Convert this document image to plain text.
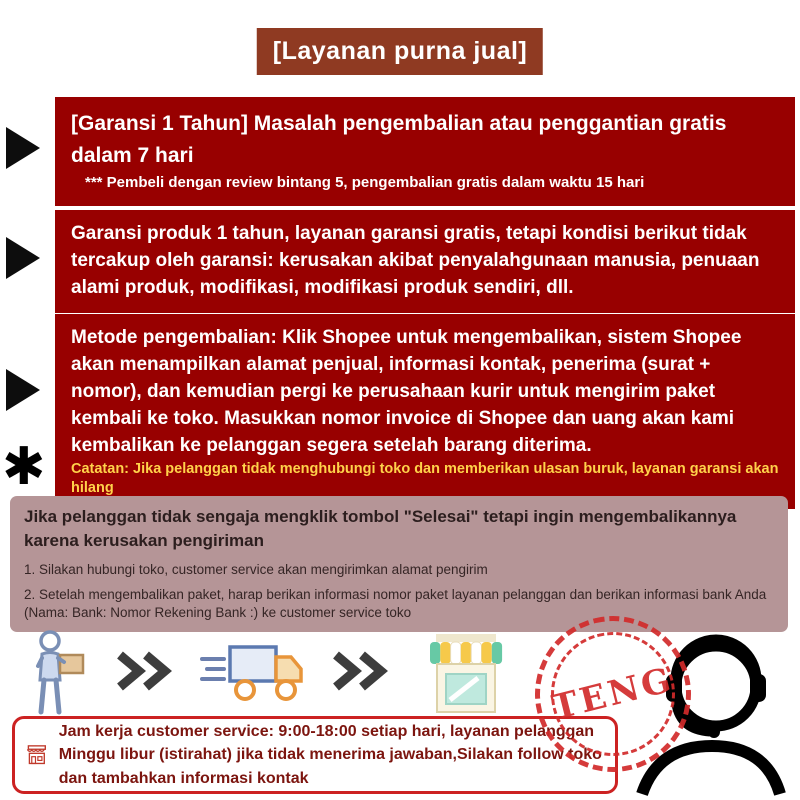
[Layanan purna jual]

[Garansi 1 Tahun] Masalah pengembalian atau penggantian gratis dalam 7 hari

*** Pembeli dengan review bintang 5, pengembalian gratis dalam waktu 15 hari

Garansi produk 1 tahun, layanan garansi gratis, tetapi kondisi berikut tidak tercakup oleh garansi: kerusakan akibat penyalahgunaan manusia, penuaan alami produk, modifikasi, modifikasi produk sendiri, dll.

Metode pengembalian: Klik Shopee untuk mengembalikan, sistem Shopee akan menampilkan alamat penjual, informasi kontak, penerima (surat + nomor), dan kemudian pergi ke perusahaan kurir untuk mengirim paket kembali ke toko. Masukkan nomor invoice di Shopee dan uang akan kami kembalikan ke pelanggan segera setelah barang diterima.

Catatan: Jika pelanggan tidak menghubungi toko dan memberikan ulasan buruk, layanan garansi akan hilang

✱

Jika pelanggan tidak sengaja mengklik tombol "Selesai" tetapi ingin mengembalikannya karena kerusakan pengiriman

1. Silakan hubungi toko, customer service akan mengirimkan alamat pengirim

2. Setelah mengembalikan paket, harap berikan informasi nomor paket layanan pelanggan dan berikan informasi bank Anda (Nama: Bank: Nomor Rekening Bank :) ke customer service toko

TENG

Jam kerja customer service: 9:00-18:00 setiap hari, layanan pelanggan Minggu libur (istirahat) jika tidak menerima jawaban,Silakan follow toko dan tambahkan informasi kontak
